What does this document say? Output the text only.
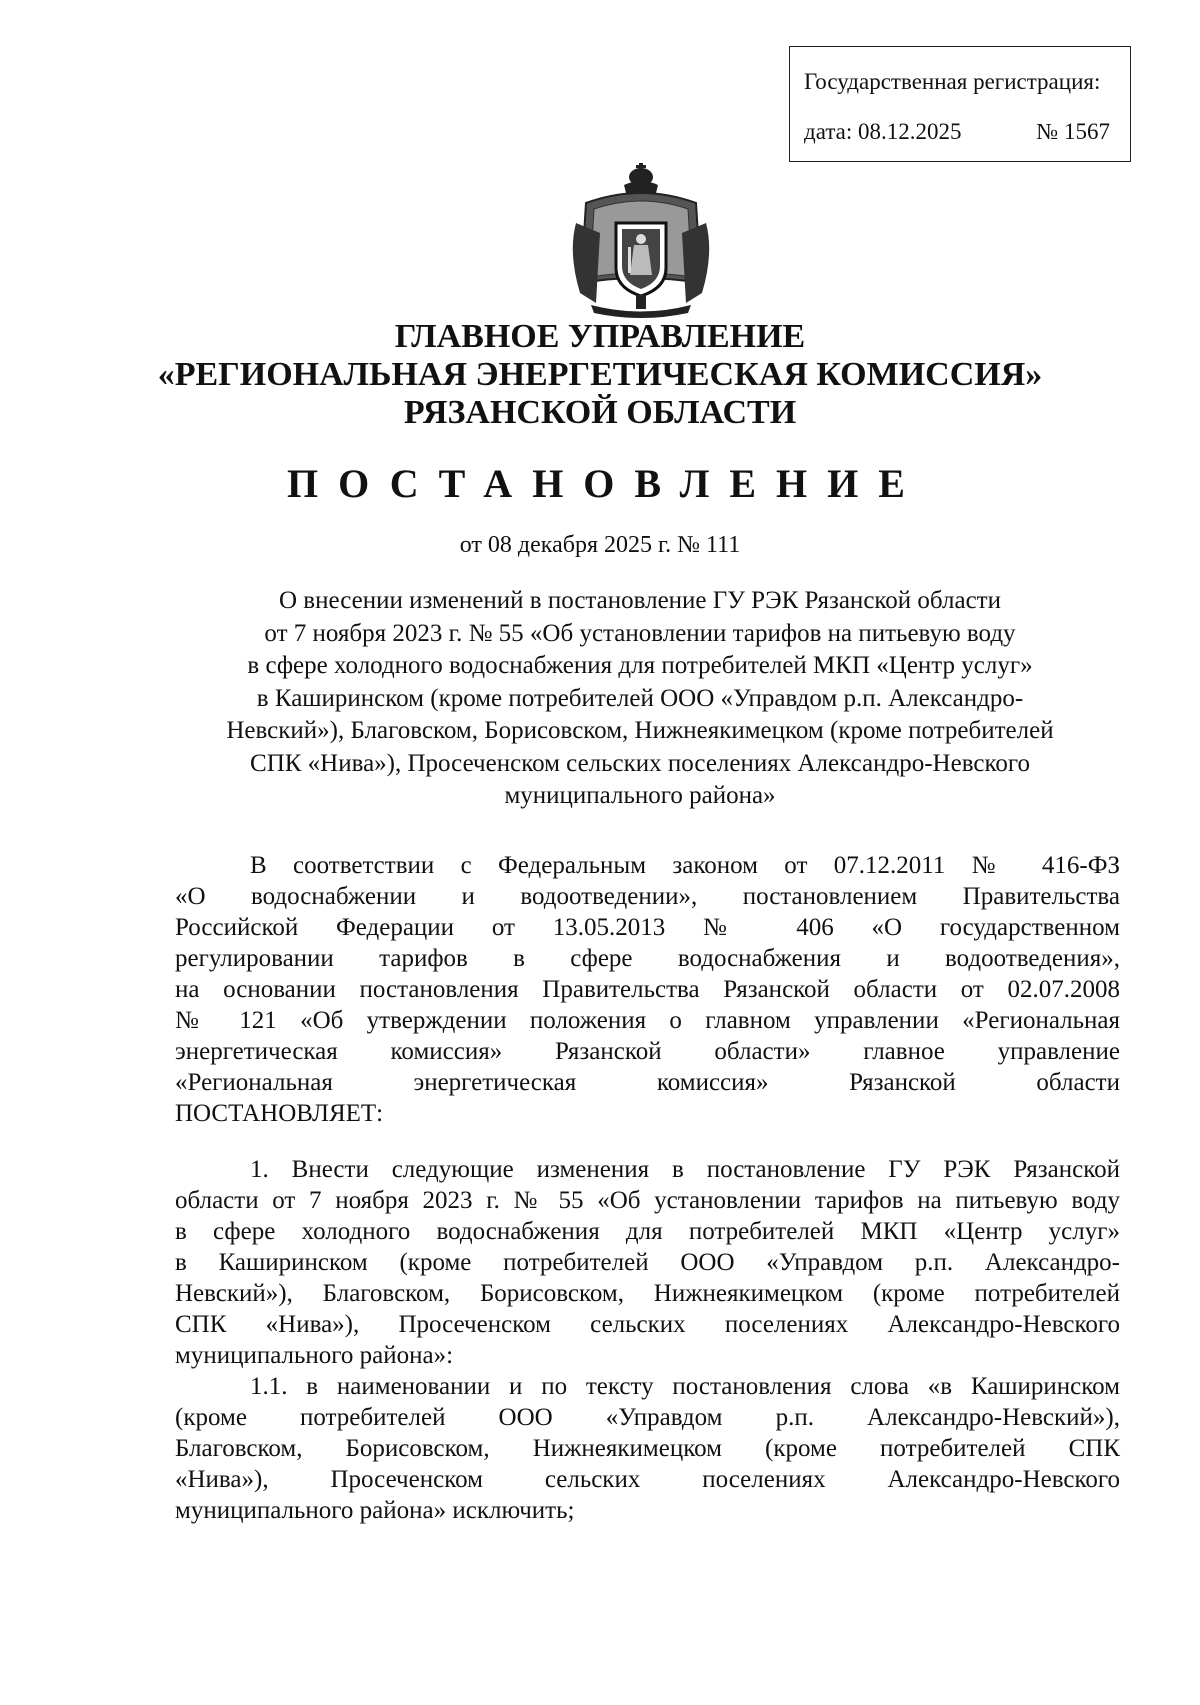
Государственная регистрация:
дата: 08.12.2025	№ 1567
ГЛАВНОЕ УПРАВЛЕНИЕ
«РЕГИОНАЛЬНАЯ ЭНЕРГЕТИЧЕСКАЯ КОМИССИЯ»
РЯЗАНСКОЙ ОБЛАСТИ
ПОСТАНОВЛЕНИЕ
от 08 декабря 2025 г. № 111
О внесении изменений в постановление ГУ РЭК Рязанской области
от 7 ноября 2023 г. № 55 «Об установлении тарифов на питьевую воду
в сфере холодного водоснабжения для потребителей МКП «Центр услуг»
в Каширинском (кроме потребителей ООО «Управдом р.п. Александро-
Невский»), Благовском, Борисовском, Нижнеякимецком (кроме потребителей
СПК «Нива»), Просеченском сельских поселениях Александро-Невского
муниципального района»
В соответствии с Федеральным законом от 07.12.2011 № 416-ФЗ
«О водоснабжении и водоотведении», постановлением Правительства
Российской Федерации от 13.05.2013 № 406 «О государственном
регулировании тарифов в сфере водоснабжения и водоотведения»,
на основании постановления Правительства Рязанской области от 02.07.2008
№ 121 «Об утверждении положения о главном управлении «Региональная
энергетическая комиссия» Рязанской области» главное управление
«Региональная энергетическая комиссия» Рязанской области
ПОСТАНОВЛЯЕТ:
1. Внести следующие изменения в постановление ГУ РЭК Рязанской
области от 7 ноября 2023 г. № 55 «Об установлении тарифов на питьевую воду
в сфере холодного водоснабжения для потребителей МКП «Центр услуг»
в Каширинском (кроме потребителей ООО «Управдом р.п. Александро-
Невский»), Благовском, Борисовском, Нижнеякимецком (кроме потребителей
СПК «Нива»), Просеченском сельских поселениях Александро-Невского
муниципального района»:
1.1. в наименовании и по тексту постановления слова «в Каширинском
(кроме потребителей ООО «Управдом р.п. Александро-Невский»),
Благовском, Борисовском, Нижнеякимецком (кроме потребителей СПК
«Нива»), Просеченском сельских поселениях Александро-Невского
муниципального района» исключить;
